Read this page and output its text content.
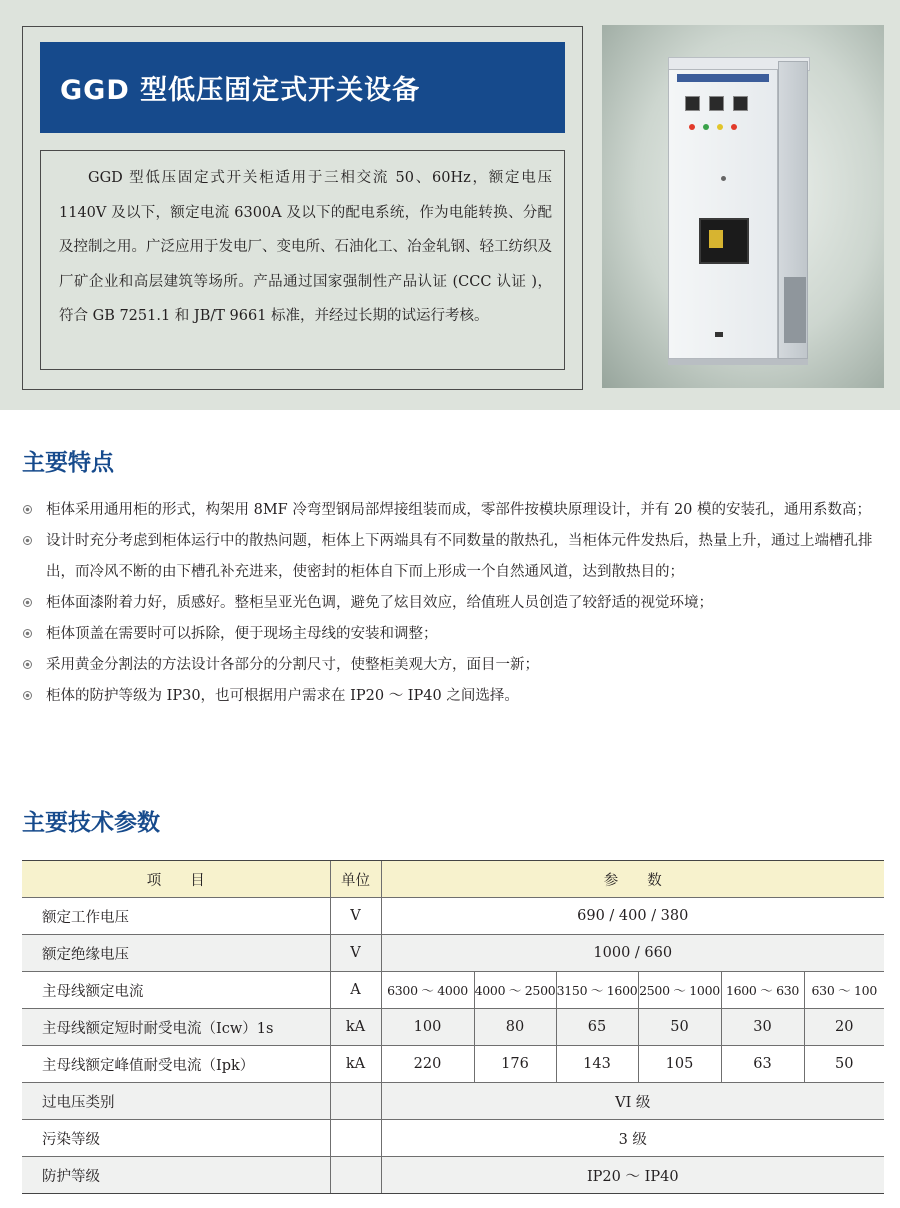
GGD 型低压固定式开关设备

GGD 型低压固定式开关柜适用于三相交流 50、60Hz，额定电压 1140V 及以下，额定电流 6300A 及以下的配电系统，作为电能转换、分配及控制之用。广泛应用于发电厂、变电所、石油化工、冶金轧钢、轻工纺织及厂矿企业和高层建筑等场所。产品通过国家强制性产品认证 (CCC 认证 )，符合 GB 7251.1 和 JB/T 9661 标准，并经过长期的试运行考核。

主要特点
柜体采用通用柜的形式，构架用 8MF 冷弯型钢局部焊接组装而成，零部件按模块原理设计，并有 20 模的安装孔，通用系数高；
设计时充分考虑到柜体运行中的散热问题，柜体上下两端具有不同数量的散热孔，当柜体元件发热后，热量上升，通过上端槽孔排出，而冷风不断的由下槽孔补充进来，使密封的柜体自下而上形成一个自然通风道，达到散热目的；
柜体面漆附着力好，质感好。整柜呈亚光色调，避免了炫目效应，给值班人员创造了较舒适的视觉环境；
柜体顶盖在需要时可以拆除，便于现场主母线的安装和调整；
采用黄金分割法的方法设计各部分的分割尺寸，使整柜美观大方，面目一新；
柜体的防护等级为 IP30，也可根据用户需求在 IP20 ～ IP40 之间选择。
主要技术参数
项　　目	单位	参　　数					
额定工作电压	V	690 / 400 / 380					
额定绝缘电压	V	1000 / 660					
主母线额定电流	A	6300 ～ 4000	4000 ～ 2500	3150 ～ 1600	2500 ～ 1000	1600 ～ 630	630 ～ 100
主母线额定短时耐受电流（Icw）1s	kA	100	80	65	50	30	20
主母线额定峰值耐受电流（Ipk）	kA	220	176	143	105	63	50
过电压类别		VI 级					
污染等级		3 级					
防护等级		IP20 ～ IP40					
